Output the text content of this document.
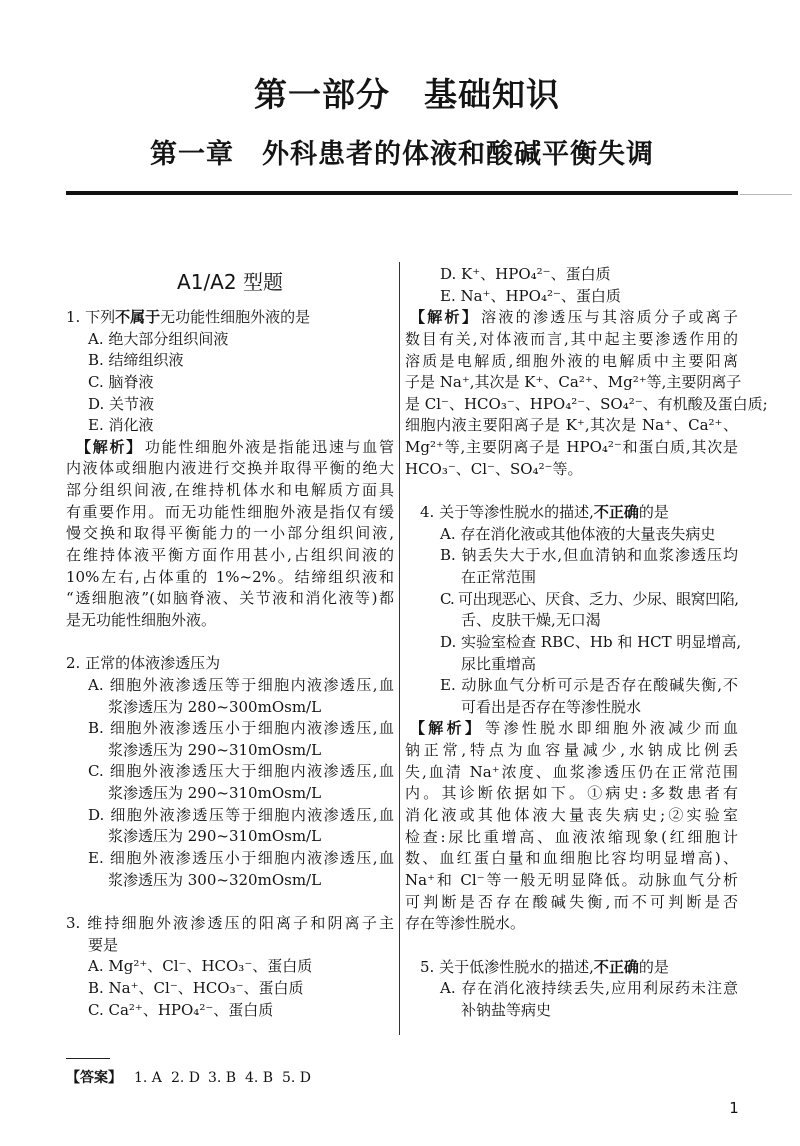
第一部分　基础知识
第一章　外科患者的体液和酸碱平衡失调
A1/A2 型题
1. 下列不属于无功能性细胞外液的是
A. 绝大部分组织间液
B. 结缔组织液
C. 脑脊液
D. 关节液
E. 消化液
【解析】 功能性细胞外液是指能迅速与血管
内液体或细胞内液进行交换并取得平衡的绝大
部分组织间液,在维持机体水和电解质方面具
有重要作用。而无功能性细胞外液是指仅有缓
慢交换和取得平衡能力的一小部分组织间液,
在维持体液平衡方面作用甚小,占组织间液的
10%左右,占体重的 1%~2%。结缔组织液和
“透细胞液”(如脑脊液、关节液和消化液等)都
是无功能性细胞外液。
2. 正常的体液渗透压为
A. 细胞外液渗透压等于细胞内液渗透压,血
浆渗透压为 280~300mOsm/L
B. 细胞外液渗透压小于细胞内液渗透压,血
浆渗透压为 290~310mOsm/L
C. 细胞外液渗透压大于细胞内液渗透压,血
浆渗透压为 290~310mOsm/L
D. 细胞外液渗透压等于细胞内液渗透压,血
浆渗透压为 290~310mOsm/L
E. 细胞外液渗透压小于细胞内液渗透压,血
浆渗透压为 300~320mOsm/L
3. 维持细胞外液渗透压的阳离子和阴离子主
要是
A. Mg²⁺、Cl⁻、HCO₃⁻、蛋白质
B. Na⁺、Cl⁻、HCO₃⁻、蛋白质
C. Ca²⁺、HPO₄²⁻、蛋白质
D. K⁺、HPO₄²⁻、蛋白质
E. Na⁺、HPO₄²⁻、蛋白质
【解析】 溶液的渗透压与其溶质分子或离子
数目有关,对体液而言,其中起主要渗透作用的
溶质是电解质,细胞外液的电解质中主要阳离
子是 Na⁺,其次是 K⁺、Ca²⁺、Mg²⁺等,主要阴离子
是 Cl⁻、HCO₃⁻、HPO₄²⁻、SO₄²⁻、有机酸及蛋白质;
细胞内液主要阳离子是 K⁺,其次是 Na⁺、Ca²⁺、
Mg²⁺等,主要阴离子是 HPO₄²⁻和蛋白质,其次是
HCO₃⁻、Cl⁻、SO₄²⁻等。
4. 关于等渗性脱水的描述,不正确的是
A. 存在消化液或其他体液的大量丧失病史
B. 钠丢失大于水,但血清钠和血浆渗透压均
在正常范围
C. 可出现恶心、厌食、乏力、少尿、眼窝凹陷,
舌、皮肤干燥,无口渴
D. 实验室检查 RBC、Hb 和 HCT 明显增高,
尿比重增高
E. 动脉血气分析可示是否存在酸碱失衡,不
可看出是否存在等渗性脱水
【解析】 等渗性脱水即细胞外液减少而血
钠正常,特点为血容量减少,水钠成比例丢
失,血清 Na⁺浓度、血浆渗透压仍在正常范围
内。其诊断依据如下。①病史:多数患者有
消化液或其他体液大量丧失病史;②实验室
检查:尿比重增高、血液浓缩现象(红细胞计
数、血红蛋白量和血细胞比容均明显增高)、
Na⁺和 Cl⁻等一般无明显降低。动脉血气分析
可判断是否存在酸碱失衡,而不可判断是否
存在等渗性脱水。
5. 关于低渗性脱水的描述,不正确的是
A. 存在消化液持续丢失,应用利尿药未注意
补钠盐等病史
【答案】 1. A 2. D 3. B 4. B 5. D
1
